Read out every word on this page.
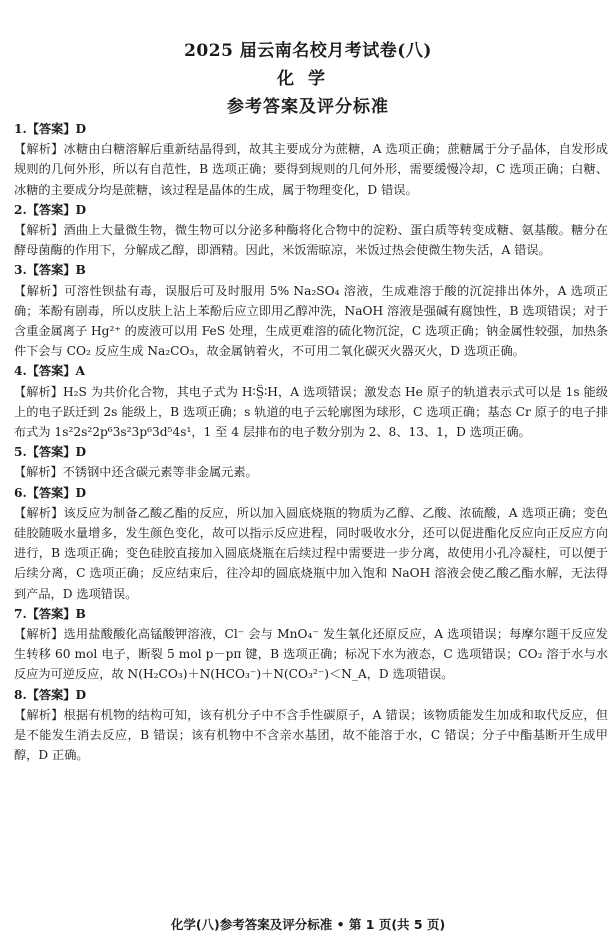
2025 届云南名校月考试卷(八)
化学
参考答案及评分标准
1.【答案】D
【解析】冰糖由白糖溶解后重新结晶得到，故其主要成分为蔗糖，A 选项正确；蔗糖属于分子晶体，自发形成规则的几何外形，所以有自范性，B 选项正确；要得到规则的几何外形，需要缓慢冷却，C 选项正确；白糖、冰糖的主要成分均是蔗糖，该过程是晶体的生成，属于物理变化，D 错误。
2.【答案】D
【解析】酒曲上大量微生物，微生物可以分泌多种酶将化合物中的淀粉、蛋白质等转变成糖、氨基酸。糖分在酵母菌酶的作用下，分解成乙醇，即酒精。因此，米饭需晾凉，米饭过热会使微生物失活，A 错误。
3.【答案】B
【解析】可溶性钡盐有毒，误服后可及时服用 5% Na₂SO₄ 溶液，生成难溶于酸的沉淀排出体外，A 选项正确；苯酚有剧毒，所以皮肤上沾上苯酚后应立即用乙醇冲洗，NaOH 溶液是强碱有腐蚀性，B 选项错误；对于含重金属离子 Hg²⁺ 的废液可以用 FeS 处理，生成更难溶的硫化物沉淀，C 选项正确；钠金属性较强，加热条件下会与 CO₂ 反应生成 Na₂CO₃，故金属钠着火，不可用二氧化碳灭火器灭火，D 选项正确。
4.【答案】A
【解析】H₂S 为共价化合物，其电子式为 H∶S̤̈∶H，A 选项错误；激发态 He 原子的轨道表示式可以是 1s 能级上的电子跃迁到 2s 能级上，B 选项正确；s 轨道的电子云轮廓图为球形，C 选项正确；基态 Cr 原子的电子排布式为 1s²2s²2p⁶3s²3p⁶3d⁵4s¹，1 至 4 层排布的电子数分别为 2、8、13、1，D 选项正确。
5.【答案】D
【解析】不锈钢中还含碳元素等非金属元素。
6.【答案】D
【解析】该反应为制备乙酸乙酯的反应，所以加入圆底烧瓶的物质为乙醇、乙酸、浓硫酸，A 选项正确；变色硅胶随吸水量增多，发生颜色变化，故可以指示反应进程，同时吸收水分，还可以促进酯化反应向正反应方向进行，B 选项正确；变色硅胶直接加入圆底烧瓶在后续过程中需要进一步分离，故使用小孔冷凝柱，可以便于后续分离，C 选项正确；反应结束后，往冷却的圆底烧瓶中加入饱和 NaOH 溶液会使乙酸乙酯水解，无法得到产品，D 选项错误。
7.【答案】B
【解析】选用盐酸酸化高锰酸钾溶液，Cl⁻ 会与 MnO₄⁻ 发生氧化还原反应，A 选项错误；每摩尔题干反应发生转移 60 mol 电子，断裂 5 mol p－pπ 键，B 选项正确；标况下水为液态，C 选项错误；CO₂ 溶于水与水反应为可逆反应，故 N(H₂CO₃)＋N(HCO₃⁻)＋N(CO₃²⁻)＜N_A，D 选项错误。
8.【答案】D
【解析】根据有机物的结构可知，该有机分子中不含手性碳原子，A 错误；该物质能发生加成和取代反应，但是不能发生消去反应，B 错误；该有机物中不含亲水基团，故不能溶于水，C 错误；分子中酯基断开生成甲醇，D 正确。
化学(八)参考答案及评分标准 • 第 1 页(共 5 页)
